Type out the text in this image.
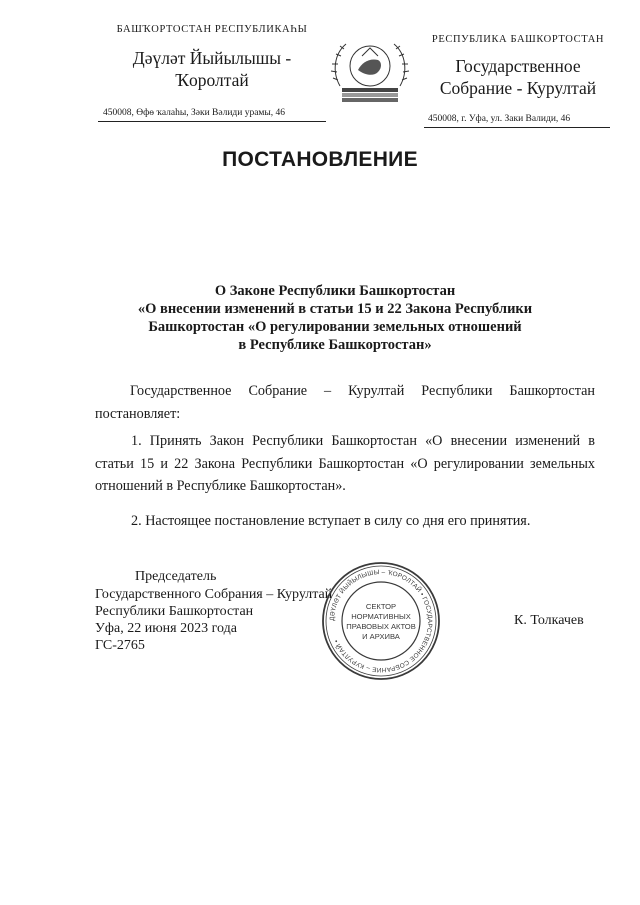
БАШҠОРТОСТАН РЕСПУБЛИКАҺЫ
Дәүләт Йыйылышы -
Ҡоролтай
450008, Өфө ҡалаһы, Зәки Вәлиди урамы, 46
РЕСПУБЛИКА БАШКОРТОСТАН
Государственное
Собрание - Курултай
450008, г. Уфа, ул. Заки Валиди, 46
ПОСТАНОВЛЕНИЕ
О Законе Республики Башкортостан
«О внесении изменений в статьи 15 и 22 Закона Республики
Башкортостан «О регулировании земельных отношений
в Республике Башкортостан»
Государственное Собрание – Курултай Республики Башкортостан постановляет:
1. Принять Закон Республики Башкортостан «О внесении изменений в статьи 15 и 22 Закона Республики Башкортостан «О регулировании земельных отношений в Республике Башкортостан».
2. Настоящее постановление вступает в силу со дня его принятия.
Председатель
Государственного Собрания – Курултай
Республики Башкортостан
К. Толкачев
Уфа, 22 июня 2023 года
ГС-2765
ДӘҮЛӘТ ЙЫЙЫЛЫШЫ – ҠОРОЛТАЙ • ГОСУДАРСТВЕННОЕ СОБРАНИЕ – КУРУЛТАЙ •
СЕКТОР
НОРМАТИВНЫХ
ПРАВОВЫХ АКТОВ
И АРХИВА
